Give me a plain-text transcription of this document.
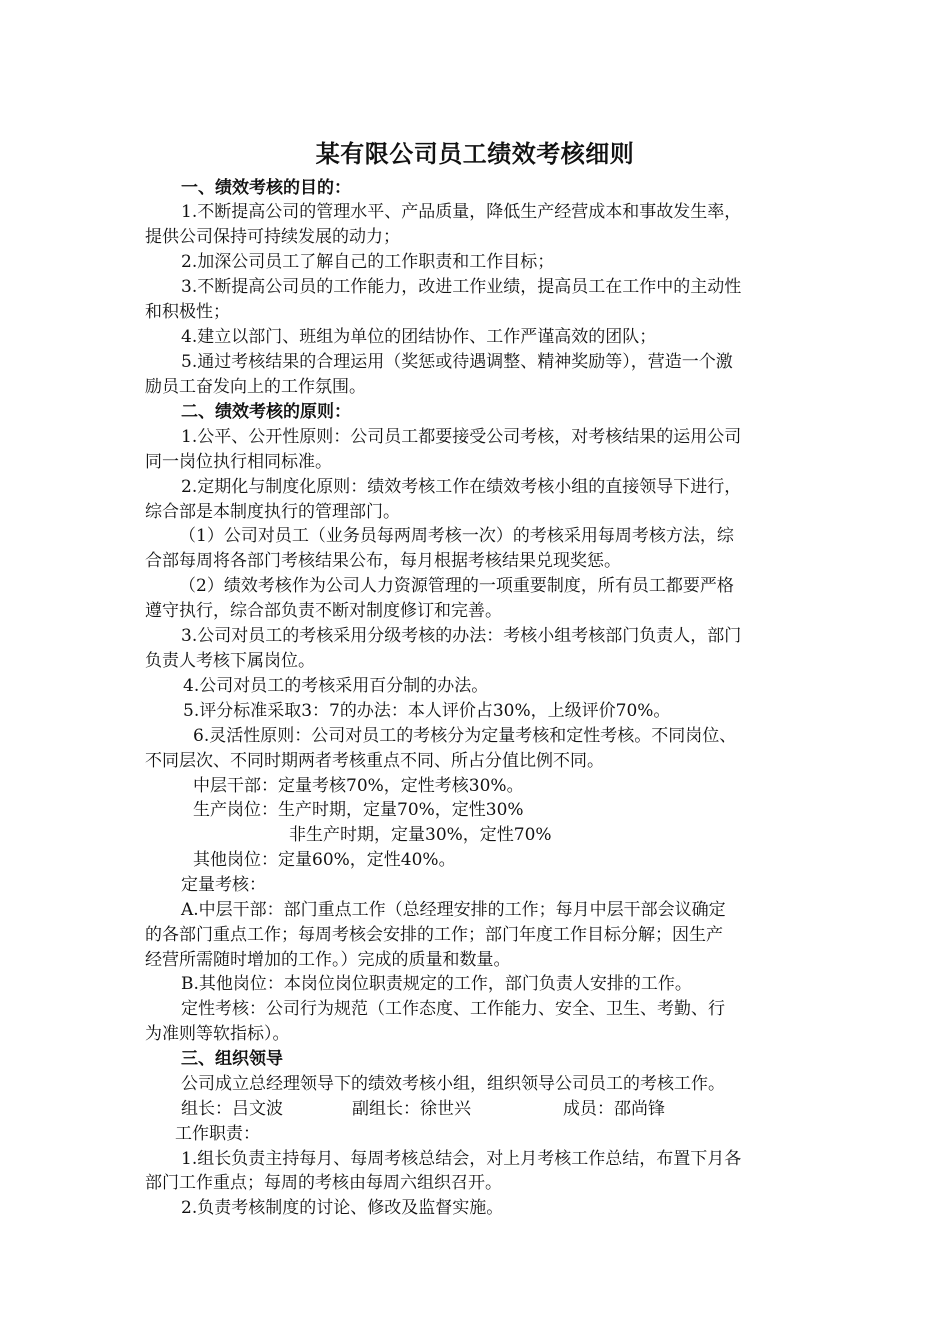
某有限公司员工绩效考核细则
一、绩效考核的目的：
1.不断提高公司的管理水平、产品质量，降低生产经营成本和事故发生率，
提供公司保持可持续发展的动力；
2.加深公司员工了解自己的工作职责和工作目标；
3.不断提高公司员的工作能力，改进工作业绩，提高员工在工作中的主动性
和积极性；
4.建立以部门、班组为单位的团结协作、工作严谨高效的团队；
5.通过考核结果的合理运用（奖惩或待遇调整、精神奖励等），营造一个激
励员工奋发向上的工作氛围。
二、绩效考核的原则：
1.公平、公开性原则：公司员工都要接受公司考核，对考核结果的运用公司
同一岗位执行相同标准。
2.定期化与制度化原则：绩效考核工作在绩效考核小组的直接领导下进行，
综合部是本制度执行的管理部门。
（1）公司对员工（业务员每两周考核一次）的考核采用每周考核方法，综
合部每周将各部门考核结果公布，每月根据考核结果兑现奖惩。
（2）绩效考核作为公司人力资源管理的一项重要制度，所有员工都要严格
遵守执行，综合部负责不断对制度修订和完善。
3.公司对员工的考核采用分级考核的办法：考核小组考核部门负责人，部门
负责人考核下属岗位。
4.公司对员工的考核采用百分制的办法。
5.评分标准采取3：7的办法：本人评价占30%，上级评价70%。
6.灵活性原则：公司对员工的考核分为定量考核和定性考核。不同岗位、
不同层次、不同时期两者考核重点不同、所占分值比例不同。
中层干部：定量考核70%，定性考核30%。
生产岗位：生产时期，定量70%，定性30%
非生产时期，定量30%，定性70%
其他岗位：定量60%，定性40%。
定量考核：
A.中层干部：部门重点工作（总经理安排的工作；每月中层干部会议确定
的各部门重点工作；每周考核会安排的工作；部门年度工作目标分解；因生产
经营所需随时增加的工作。）完成的质量和数量。
B.其他岗位：本岗位岗位职责规定的工作，部门负责人安排的工作。
定性考核：公司行为规范（工作态度、工作能力、安全、卫生、考勤、行
为准则等软指标）。
三、组织领导
公司成立总经理领导下的绩效考核小组，组织领导公司员工的考核工作。
组长：吕文波	副组长：徐世兴	成员：邵尚锋
工作职责：
1.组长负责主持每月、每周考核总结会，对上月考核工作总结，布置下月各
部门工作重点；每周的考核由每周六组织召开。
2.负责考核制度的讨论、修改及监督实施。
